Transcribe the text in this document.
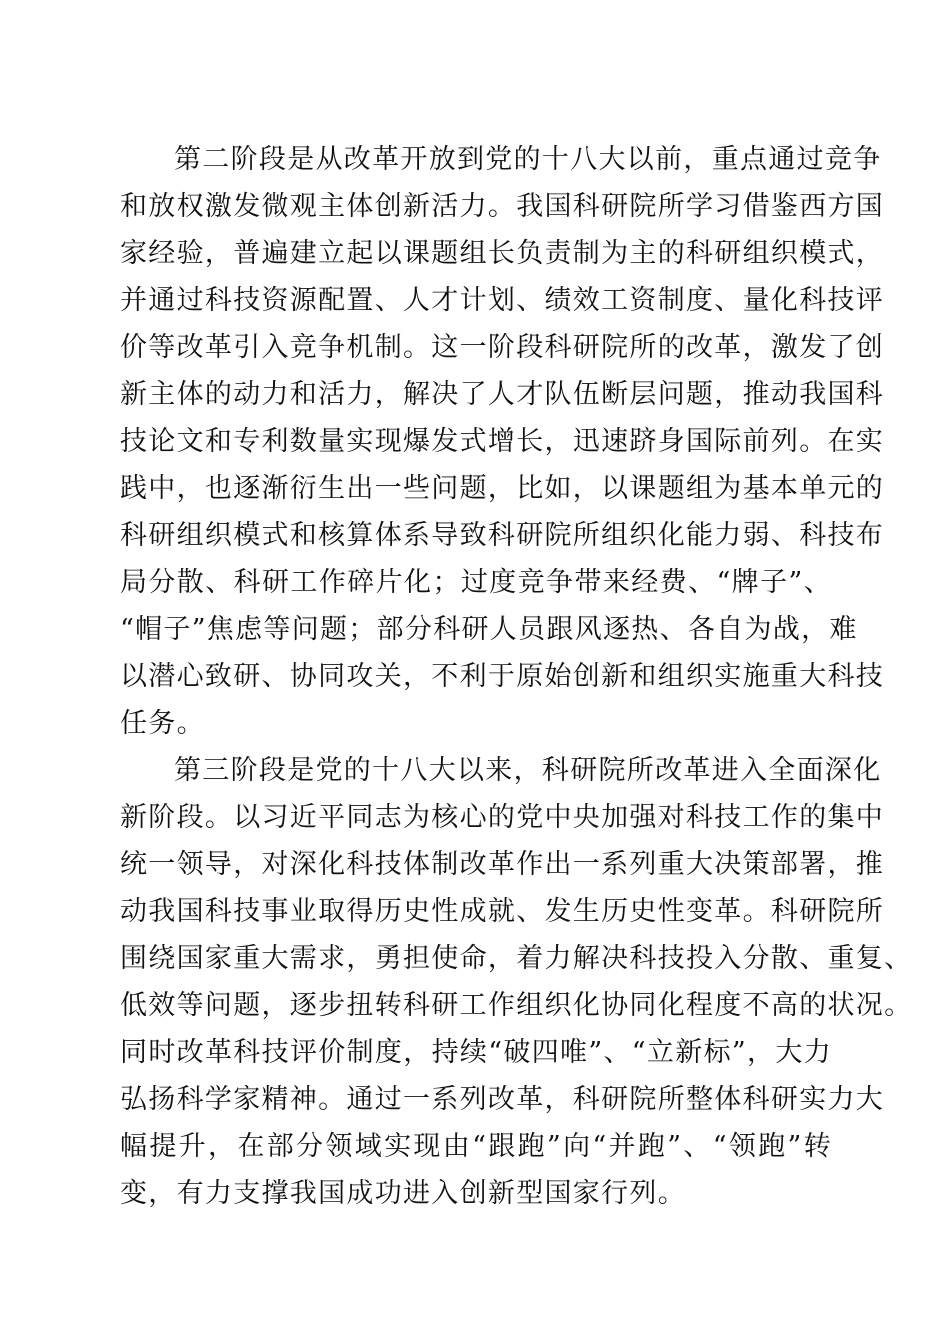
第二阶段是从改革开放到党的十八大以前，重点通过竞争
和放权激发微观主体创新活力。我国科研院所学习借鉴西方国
家经验，普遍建立起以课题组长负责制为主的科研组织模式，
并通过科技资源配置、人才计划、绩效工资制度、量化科技评
价等改革引入竞争机制。这一阶段科研院所的改革，激发了创
新主体的动力和活力，解决了人才队伍断层问题，推动我国科
技论文和专利数量实现爆发式增长，迅速跻身国际前列。在实
践中，也逐渐衍生出一些问题，比如，以课题组为基本单元的
科研组织模式和核算体系导致科研院所组织化能力弱、科技布
局分散、科研工作碎片化；过度竞争带来经费、“牌子”、
“帽子”焦虑等问题；部分科研人员跟风逐热、各自为战，难
以潜心致研、协同攻关，不利于原始创新和组织实施重大科技
任务。
第三阶段是党的十八大以来，科研院所改革进入全面深化
新阶段。以习近平同志为核心的党中央加强对科技工作的集中
统一领导，对深化科技体制改革作出一系列重大决策部署，推
动我国科技事业取得历史性成就、发生历史性变革。科研院所
围绕国家重大需求，勇担使命，着力解决科技投入分散、重复、
低效等问题，逐步扭转科研工作组织化协同化程度不高的状况。
同时改革科技评价制度，持续“破四唯”、“立新标”，大力
弘扬科学家精神。通过一系列改革，科研院所整体科研实力大
幅提升，在部分领域实现由“跟跑”向“并跑”、“领跑”转
变，有力支撑我国成功进入创新型国家行列。
